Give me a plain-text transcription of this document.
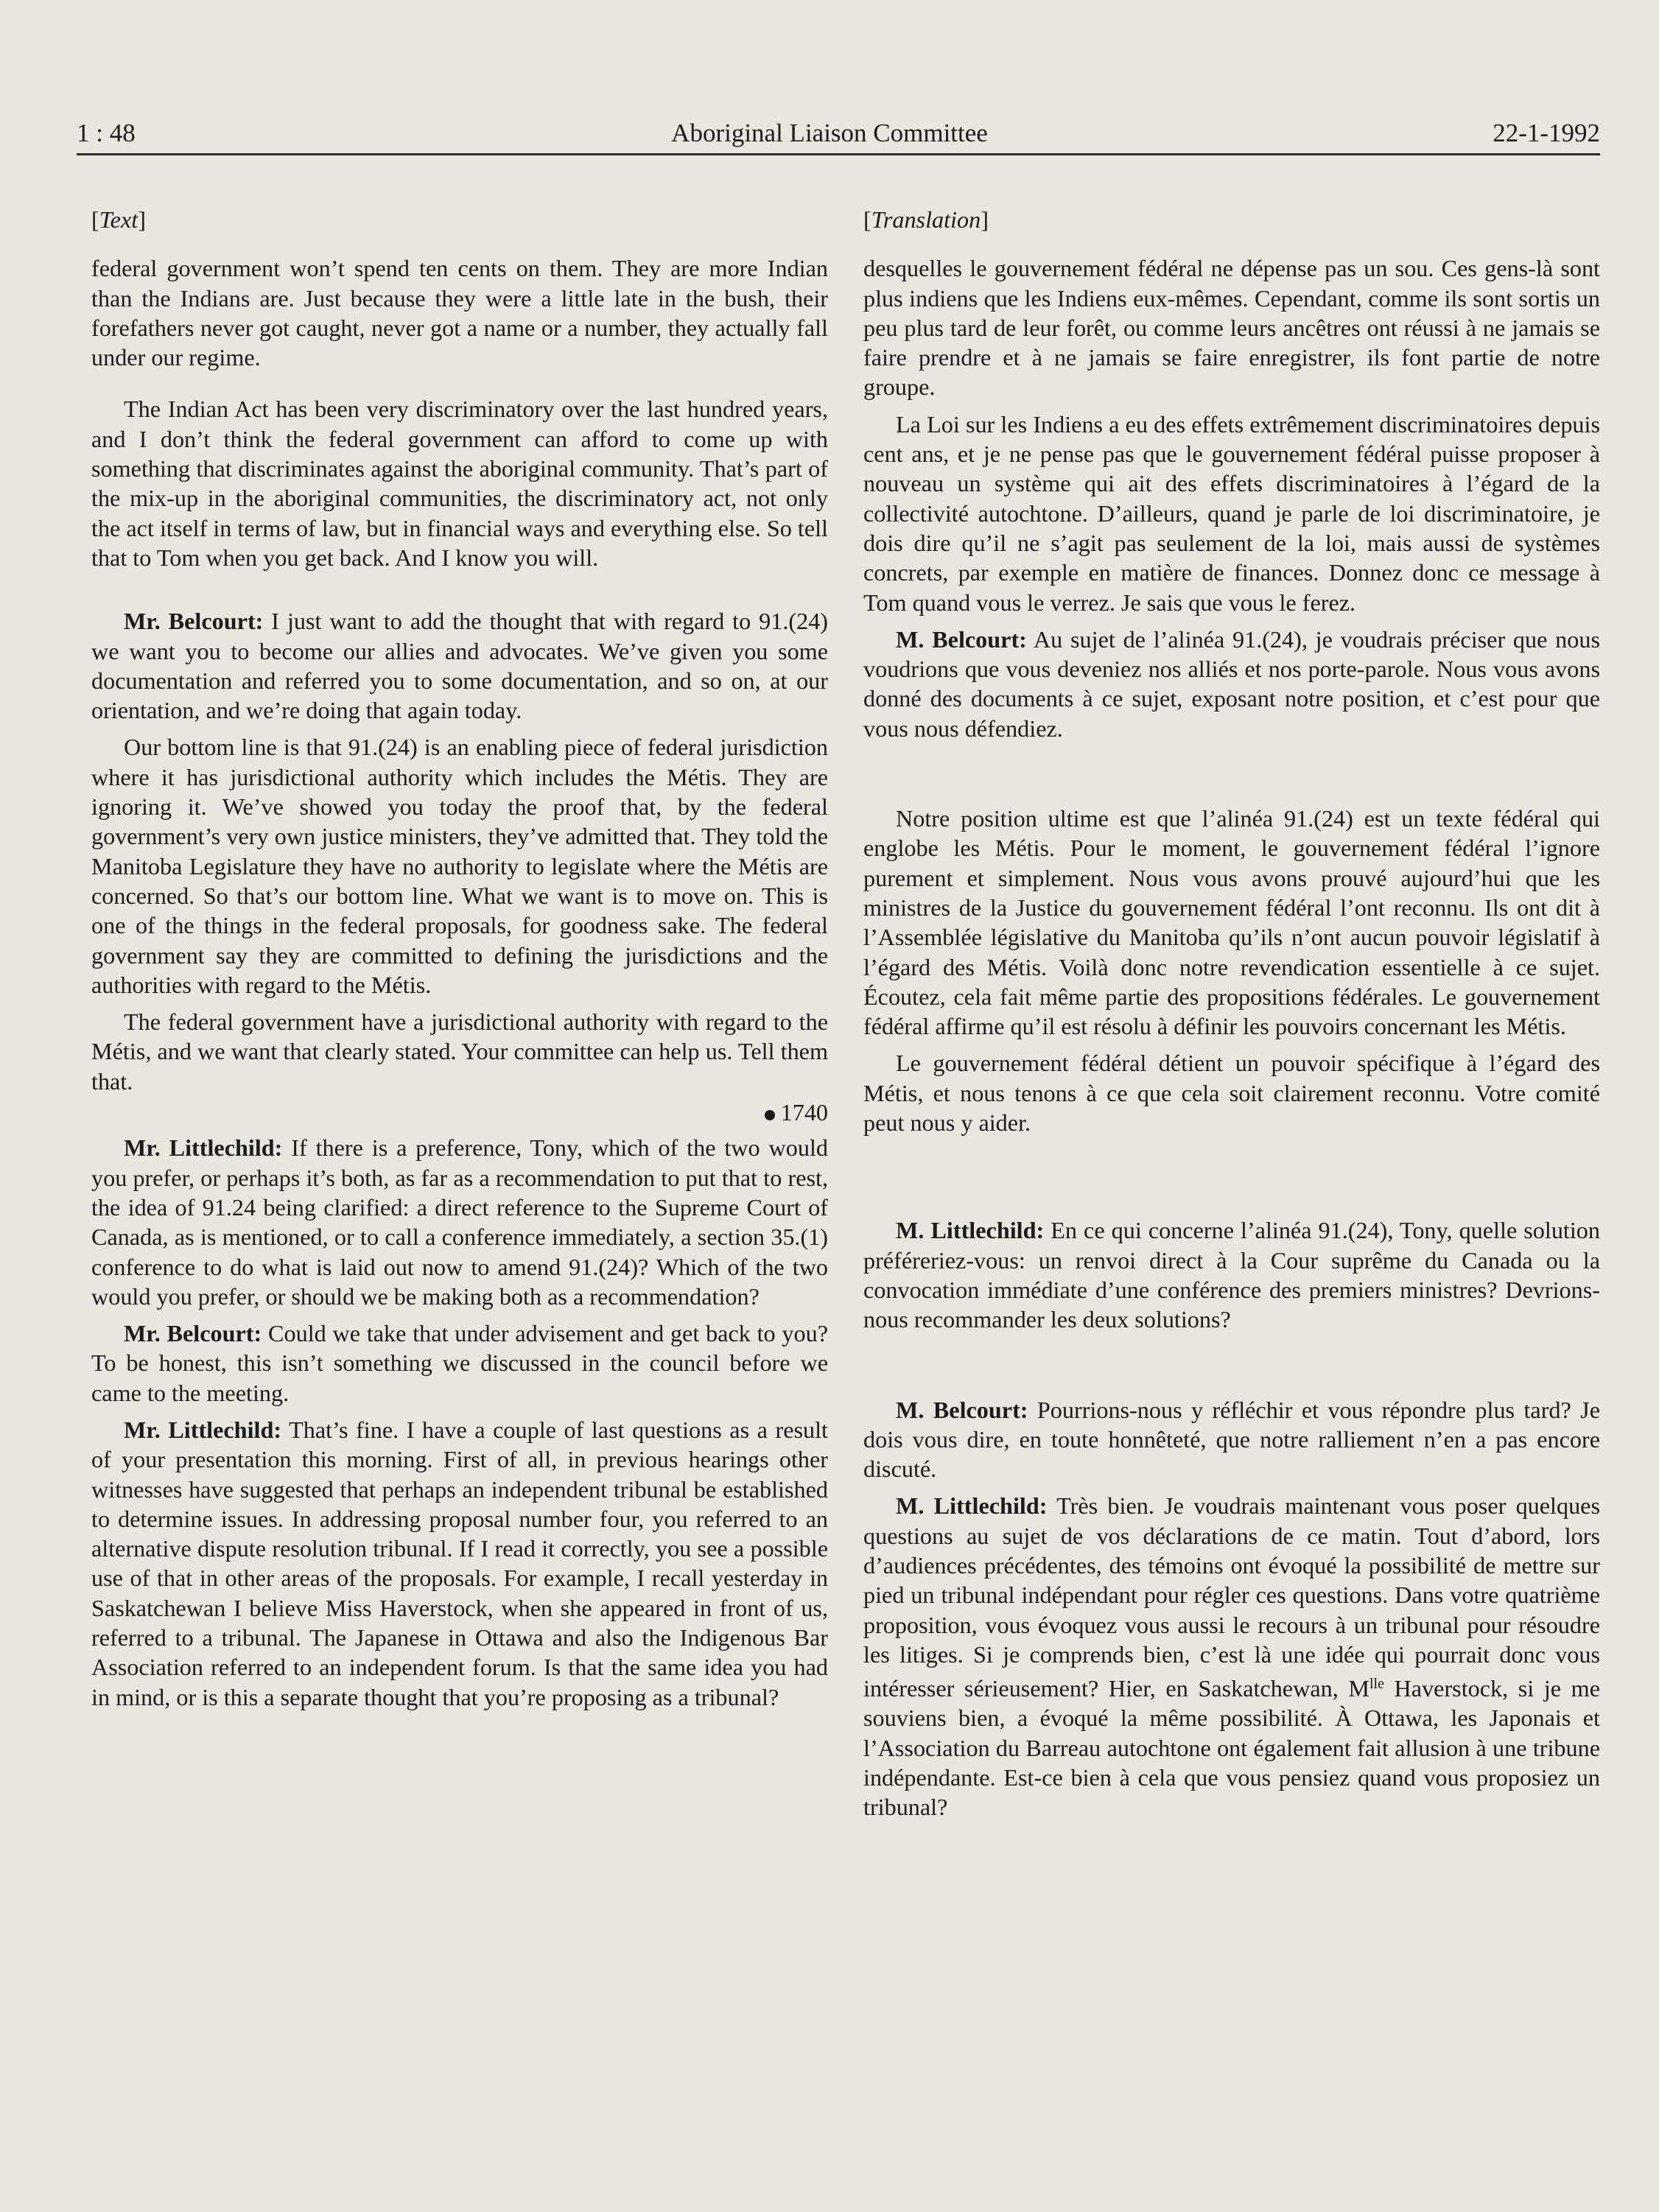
1 : 48	Aboriginal Liaison Committee	22-1-1992
[Text]

federal government won’t spend ten cents on them. They are more Indian than the Indians are. Just because they were a little late in the bush, their forefathers never got caught, never got a name or a number, they actually fall under our regime.

The Indian Act has been very discriminatory over the last hundred years, and I don’t think the federal government can afford to come up with something that discriminates against the aboriginal community. That’s part of the mix-up in the aboriginal communities, the discriminatory act, not only the act itself in terms of law, but in financial ways and everything else. So tell that to Tom when you get back. And I know you will.

Mr. Belcourt: I just want to add the thought that with regard to 91.(24) we want you to become our allies and advocates. We’ve given you some documentation and referred you to some documentation, and so on, at our orientation, and we’re doing that again today.

Our bottom line is that 91.(24) is an enabling piece of federal jurisdiction where it has jurisdictional authority which includes the Métis. They are ignoring it. We’ve showed you today the proof that, by the federal government’s very own justice ministers, they’ve admitted that. They told the Manitoba Legislature they have no authority to legislate where the Métis are concerned. So that’s our bottom line. What we want is to move on. This is one of the things in the federal proposals, for goodness sake. The federal government say they are committed to defining the jurisdictions and the authorities with regard to the Métis.

The federal government have a jurisdictional authority with regard to the Métis, and we want that clearly stated. Your committee can help us. Tell them that.

1740

Mr. Littlechild: If there is a preference, Tony, which of the two would you prefer, or perhaps it’s both, as far as a recommendation to put that to rest, the idea of 91.24 being clarified: a direct reference to the Supreme Court of Canada, as is mentioned, or to call a conference immediately, a section 35.(1) conference to do what is laid out now to amend 91.(24)? Which of the two would you prefer, or should we be making both as a recommendation?

Mr. Belcourt: Could we take that under advisement and get back to you? To be honest, this isn’t something we discussed in the council before we came to the meeting.

Mr. Littlechild: That’s fine. I have a couple of last questions as a result of your presentation this morning. First of all, in previous hearings other witnesses have suggested that perhaps an independent tribunal be established to determine issues. In addressing proposal number four, you referred to an alternative dispute resolution tribunal. If I read it correctly, you see a possible use of that in other areas of the proposals. For example, I recall yesterday in Saskatchewan I believe Miss Haverstock, when she appeared in front of us, referred to a tribunal. The Japanese in Ottawa and also the Indigenous Bar Association referred to an independent forum. Is that the same idea you had in mind, or is this a separate thought that you’re proposing as a tribunal?

[Translation]

desquelles le gouvernement fédéral ne dépense pas un sou. Ces gens-là sont plus indiens que les Indiens eux-mêmes. Cependant, comme ils sont sortis un peu plus tard de leur forêt, ou comme leurs ancêtres ont réussi à ne jamais se faire prendre et à ne jamais se faire enregistrer, ils font partie de notre groupe.

La Loi sur les Indiens a eu des effets extrêmement discriminatoires depuis cent ans, et je ne pense pas que le gouvernement fédéral puisse proposer à nouveau un système qui ait des effets discriminatoires à l’égard de la collectivité autochtone. D’ailleurs, quand je parle de loi discriminatoire, je dois dire qu’il ne s’agit pas seulement de la loi, mais aussi de systèmes concrets, par exemple en matière de finances. Donnez donc ce message à Tom quand vous le verrez. Je sais que vous le ferez.

M. Belcourt: Au sujet de l’alinéa 91.(24), je voudrais préciser que nous voudrions que vous deveniez nos alliés et nos porte-parole. Nous vous avons donné des documents à ce sujet, exposant notre position, et c’est pour que vous nous défendiez.

Notre position ultime est que l’alinéa 91.(24) est un texte fédéral qui englobe les Métis. Pour le moment, le gouvernement fédéral l’ignore purement et simplement. Nous vous avons prouvé aujourd’hui que les ministres de la Justice du gouvernement fédéral l’ont reconnu. Ils ont dit à l’Assemblée législative du Manitoba qu’ils n’ont aucun pouvoir législatif à l’égard des Métis. Voilà donc notre revendication essentielle à ce sujet. Écoutez, cela fait même partie des propositions fédérales. Le gouvernement fédéral affirme qu’il est résolu à définir les pouvoirs concernant les Métis.

Le gouvernement fédéral détient un pouvoir spécifique à l’égard des Métis, et nous tenons à ce que cela soit clairement reconnu. Votre comité peut nous y aider.

M. Littlechild: En ce qui concerne l’alinéa 91.(24), Tony, quelle solution préféreriez-vous: un renvoi direct à la Cour suprême du Canada ou la convocation immédiate d’une conférence des premiers ministres? Devrions-nous recommander les deux solutions?

M. Belcourt: Pourrions-nous y réfléchir et vous répondre plus tard? Je dois vous dire, en toute honnêteté, que notre ralliement n’en a pas encore discuté.

M. Littlechild: Très bien. Je voudrais maintenant vous poser quelques questions au sujet de vos déclarations de ce matin. Tout d’abord, lors d’audiences précédentes, des témoins ont évoqué la possibilité de mettre sur pied un tribunal indépendant pour régler ces questions. Dans votre quatrième proposition, vous évoquez vous aussi le recours à un tribunal pour résoudre les litiges. Si je comprends bien, c’est là une idée qui pourrait donc vous intéresser sérieusement? Hier, en Saskatchewan, $M^{lle}$ Haverstock, si je me souviens bien, a évoqué la même possibilité. À Ottawa, les Japonais et l’Association du Barreau autochtone ont également fait allusion à une tribune indépendante. Est-ce bien à cela que vous pensiez quand vous proposiez un tribunal?
